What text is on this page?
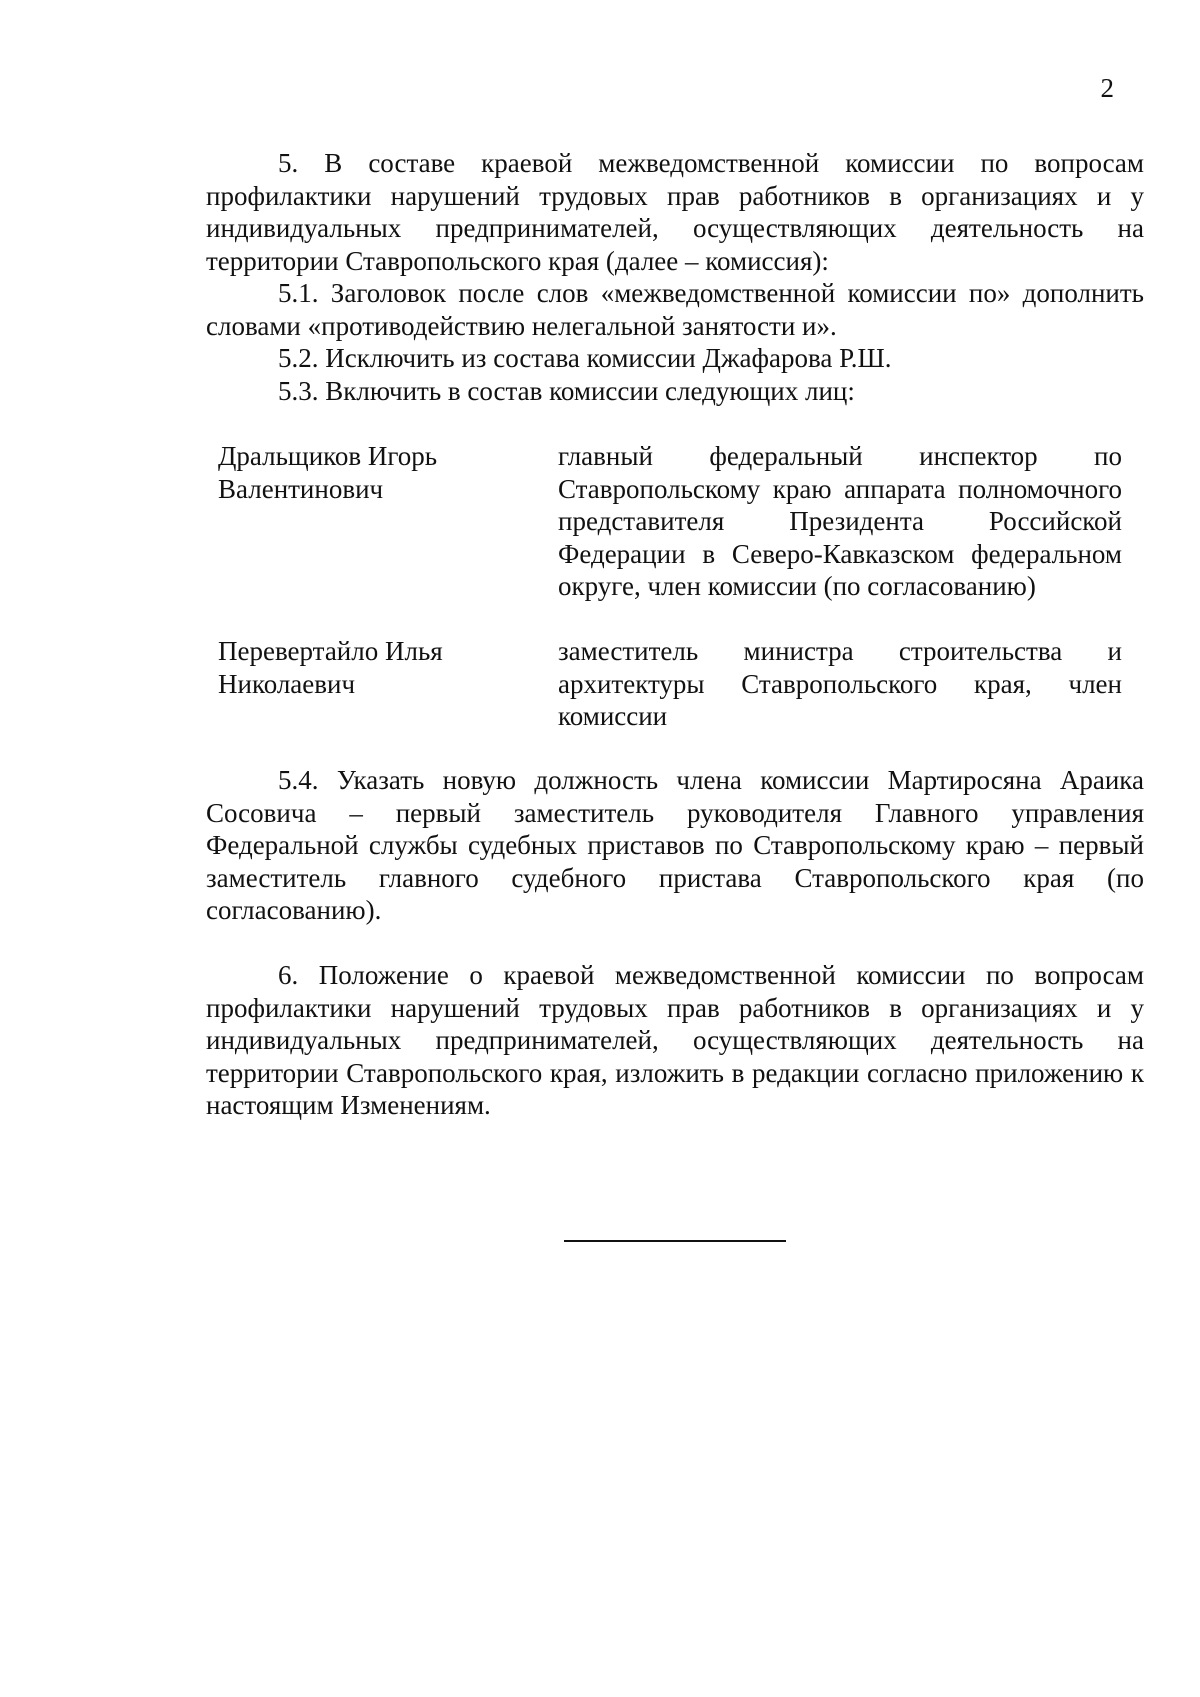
2

5. В составе краевой межведомственной комиссии по вопросам профилактики нарушений трудовых прав работников в организациях и у индивидуальных предпринимателей, осуществляющих деятельность на территории Ставропольского края (далее – комиссия):

5.1. Заголовок после слов «межведомственной комиссии по» дополнить словами «противодействию нелегальной занятости и».

5.2. Исключить из состава комиссии Джафарова Р.Ш.

5.3. Включить в состав комиссии следующих лиц:

Дральщиков Игорь
Валентинович
главный федеральный инспектор по Ставропольскому краю аппарата полномочного представителя Президента Российской Федерации в Северо-Кавказском федеральном округе, член комиссии (по согласованию)
Перевертайло Илья
Николаевич
заместитель министра строительства и архитектуры Ставропольского края, член комиссии

5.4. Указать новую должность члена комиссии Мартиросяна Араика Сосовича – первый заместитель руководителя Главного управления Федеральной службы судебных приставов по Ставропольскому краю – первый заместитель главного судебного пристава Ставропольского края (по согласованию).

6. Положение о краевой межведомственной комиссии по вопросам профилактики нарушений трудовых прав работников в организациях и у индивидуальных предпринимателей, осуществляющих деятельность на территории Ставропольского края, изложить в редакции согласно приложению к настоящим Изменениям.
